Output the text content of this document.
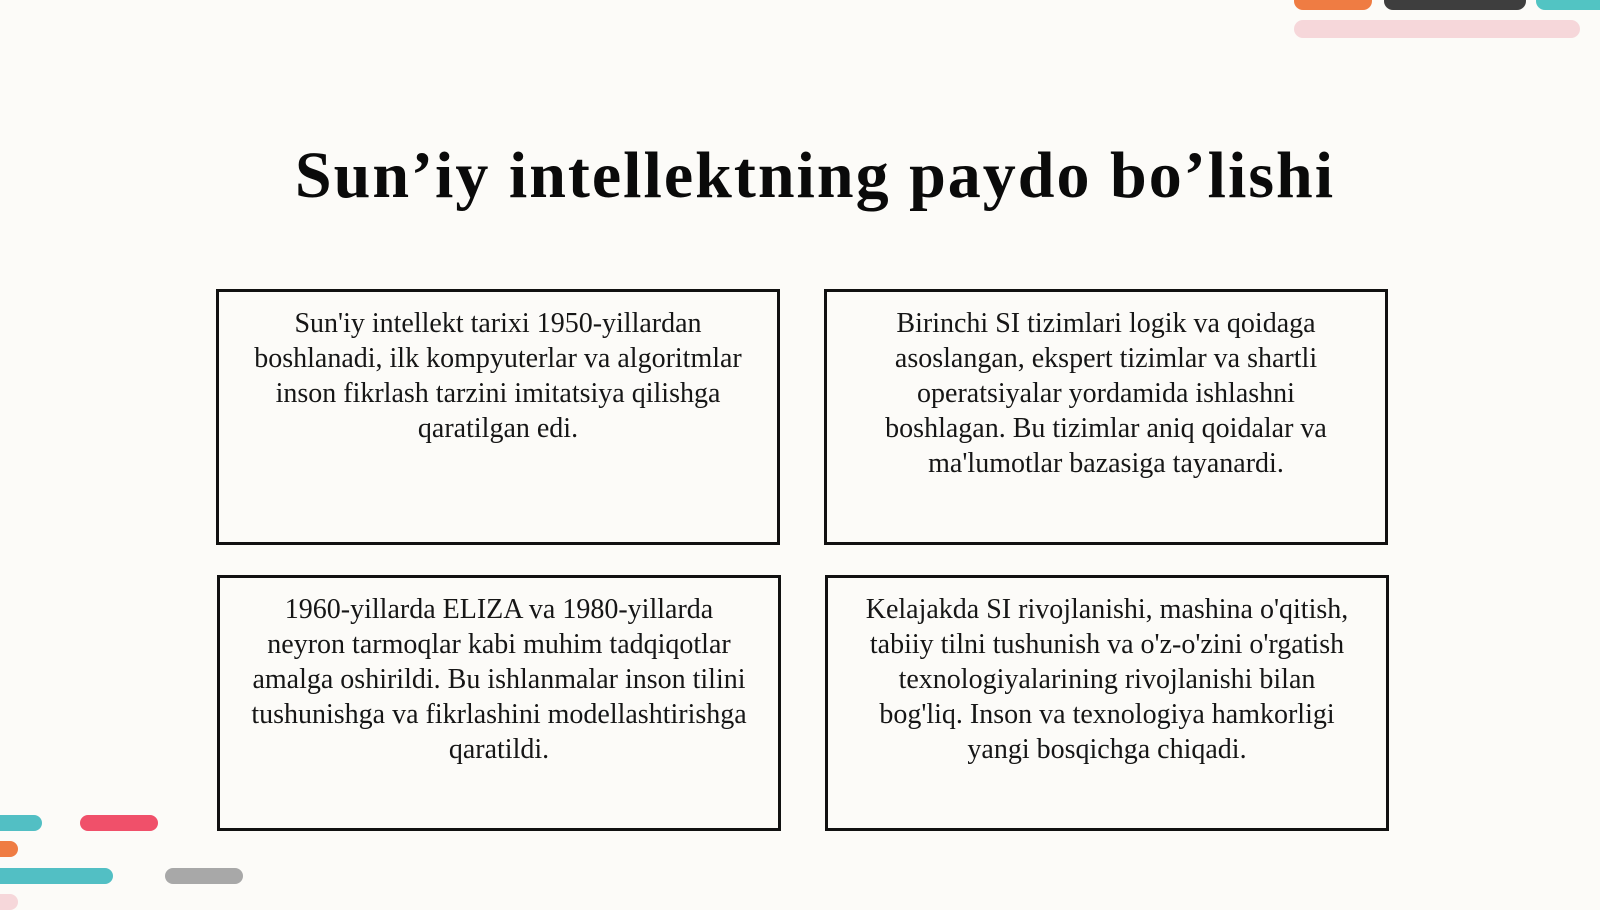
Sun’iy intellektning paydo bo’lishi

Sun'iy intellekt tarixi 1950-yillardan boshlanadi, ilk kompyuterlar va algoritmlar inson fikrlash tarzini imitatsiya qilishga qaratilgan edi.

Birinchi SI tizimlari logik va qoidaga asoslangan, ekspert tizimlar va shartli operatsiyalar yordamida ishlashni boshlagan. Bu tizimlar aniq qoidalar va ma'lumotlar bazasiga tayanardi.

1960-yillarda ELIZA va 1980-yillarda neyron tarmoqlar kabi muhim tadqiqotlar amalga oshirildi. Bu ishlanmalar inson tilini tushunishga va fikrlashini modellashtirishga qaratildi.

Kelajakda SI rivojlanishi, mashina o'qitish, tabiiy tilni tushunish va o'z-o'zini o'rgatish texnologiyalarining rivojlanishi bilan bog'liq. Inson va texnologiya hamkorligi yangi bosqichga chiqadi.
